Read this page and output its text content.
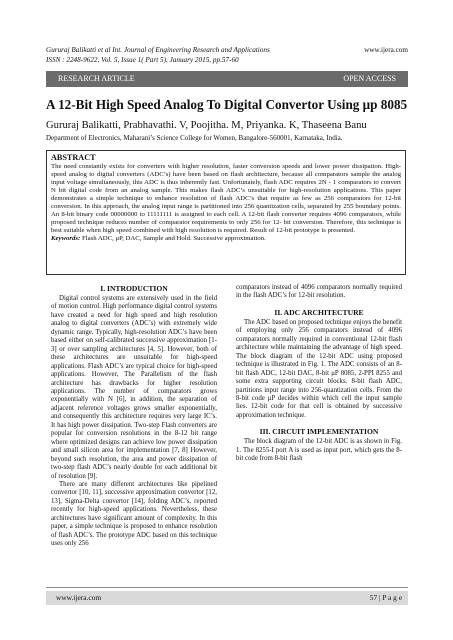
Gururaj Balikatti et al Int. Journal of Engineering Research and Applications
ISSN : 2248-9622, Vol. 5, Issue 1( Part 5), January 2015, pp.57-60
www.ijera.com
RESEARCH ARTICLE	OPEN ACCESS
A 12-Bit High Speed Analog To Digital Convertor Using μp 8085
Gururaj Balikatti, Prabhavathi. V, Poojitha. M, Priyanka. K, Thaseena Banu
Department of Electronics, Maharani’s Science College for Women, Bangalore-560001, Karnataka, India.
ABSTRACT

The need constantly exists for converters with higher resolution, faster conversion speeds and lower power dissipation. High-speed analog to digital converters (ADC’s) have been based on flash architecture, because all comparators sample the analog input voltage simultaneously, this ADC is thus inherently fast. Unfortunately, flash ADC requires 2N - 1 comparators to convert N bit digital code from an analog sample. This makes flash ADC’s unsuitable for high-resolution applications. This paper demonstrates a simple technique to enhance resolution of flash ADC’s that require as few as 256 comparators for 12-bit conversion. In this approach, the analog input range is partitioned into 256 quantization cells, separated by 255 boundary points. An 8-bit binary code 00000000 to 11111111 is assigned to each cell. A 12-bit flash converter requires 4096 comparators, while proposed technique reduces number of comparator requirements to only 256 for 12- bit conversion. Therefore, this technique is best suitable when high speed combined with high resolution is required. Result of 12-bit prototype is presented.

Keywords: Flash ADC, μP, DAC, Sample and Hold. Successive approximation.
I. INTRODUCTION

Digital control systems are extensively used in the field of motion control. High performance digital control systems have created a need for high speed and high resolution analog to digital converters (ADC’s) with extremely wide dynamic range. Typically, high-resolution ADC’s have been based either on self-calibrated successive approximation [1-3] or over sampling architectures [4, 5]. However, both of these architectures are unsuitable for high-speed applications. Flash ADC’s are typical choice for high-speed applications. However, The Parallelism of the flash architecture has drawbacks for higher resolution applications. The number of comparators grows exponentially with N [6], in addition, the separation of adjacent reference voltages grows smaller exponentially, and consequently this architecture requires very large IC’s. It has high power dissipation. Two-step Flash converters are popular for conversion resolutions in the 8-12 bit range where optimized designs can achieve low power dissipation and small silicon area for implementation [7, 8] However, beyond such resolution, the area and power dissipation of two-step flash ADC’s nearly double for each additional bit of resolution [9].

There are many different architectures like pipelined convertor [10, 11], successive approximation convertor [12, 13], Sigma-Delta convertor [14], folding ADC’s, reported recently for high-speed applications. Nevertheless, these architectures have significant amount of complexity. In this paper, a simple technique is proposed to enhance resolution of flash ADC’s. The prototype ADC based on this technique uses only 256

comparators instead of 4096 comparators normally required in the flash ADC’s for 12-bit resolution.

II. ADC ARCHITECTURE

The ADC based on proposed technique enjoys the benefit of employing only 256 comparators instead of 4096 comparators normally required in conventional 12-bit flash architecture while maintaining the advantage of high speed. The block diagram of the 12-bit ADC using proposed technique is illustrated in Fig. 1. The ADC consists of an 8-bit flash ADC, 12-bit DAC, 8-bit μP 8085, 2-PPI 8255 and some extra supporting circuit blocks. 8-bit flash ADC, partitions input range into 256-quantization cells. From the 8-bit code μP decides within which cell the input sample lies. 12-bit code for that cell is obtained by successive approximation technique.

III. CIRCUIT IMPLEMENTATION

The block diagram of the 12-bit ADC is as shown in Fig. 1. The 8255-I port A is used as input port, which gets the 8-bit code from 8-bit flash

www.ijera.com	57 | P a g e
